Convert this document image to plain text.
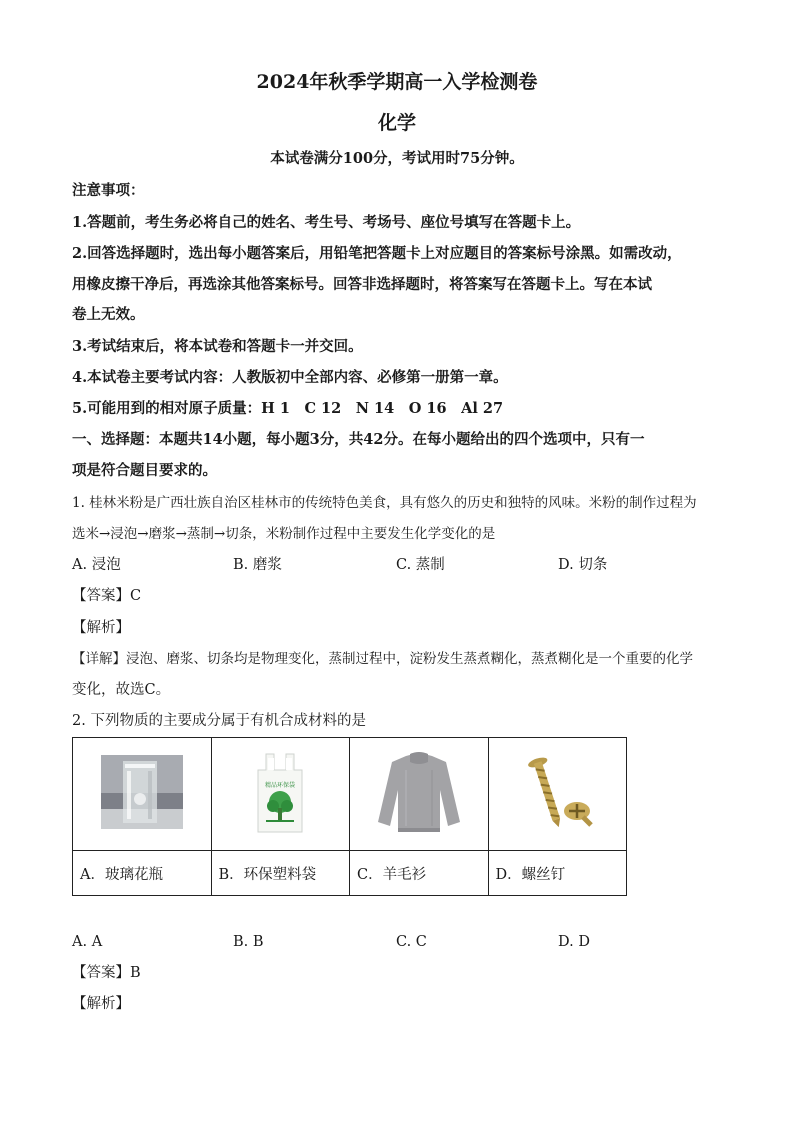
2024年秋季学期高一入学检测卷
化学
本试卷满分100分，考试用时75分钟。
注意事项：
1.答题前，考生务必将自己的姓名、考生号、考场号、座位号填写在答题卡上。
2.回答选择题时，选出每小题答案后，用铅笔把答题卡上对应题目的答案标号涂黑。如需改动，
用橡皮擦干净后，再选涂其他答案标号。回答非选择题时，将答案写在答题卡上。写在本试
卷上无效。
3.考试结束后，将本试卷和答题卡一并交回。
4.本试卷主要考试内容：人教版初中全部内容、必修第一册第一章。
5.可能用到的相对原子质量：H 1　C 12　N 14　O 16　Al 27
一、选择题：本题共14小题，每小题3分，共42分。在每小题给出的四个选项中，只有一
项是符合题目要求的。
1. 桂林米粉是广西壮族自治区桂林市的传统特色美食，具有悠久的历史和独特的风味。米粉的制作过程为
选米→浸泡→磨浆→蒸制→切条，米粉制作过程中主要发生化学变化的是
A. 浸泡	B. 磨浆	C. 蒸制	D. 切条
【答案】C
【解析】
【详解】浸泡、磨浆、切条均是物理变化，蒸制过程中，淀粉发生蒸煮糊化，蒸煮糊化是一个重要的化学
变化，故选C。
2. 下列物质的主要成分属于有机合成材料的是

精品环保袋

A．玻璃花瓶	B．环保塑料袋	C．羊毛衫	D．螺丝钉
A. A	B. B	C. C	D. D
【答案】B
【解析】
